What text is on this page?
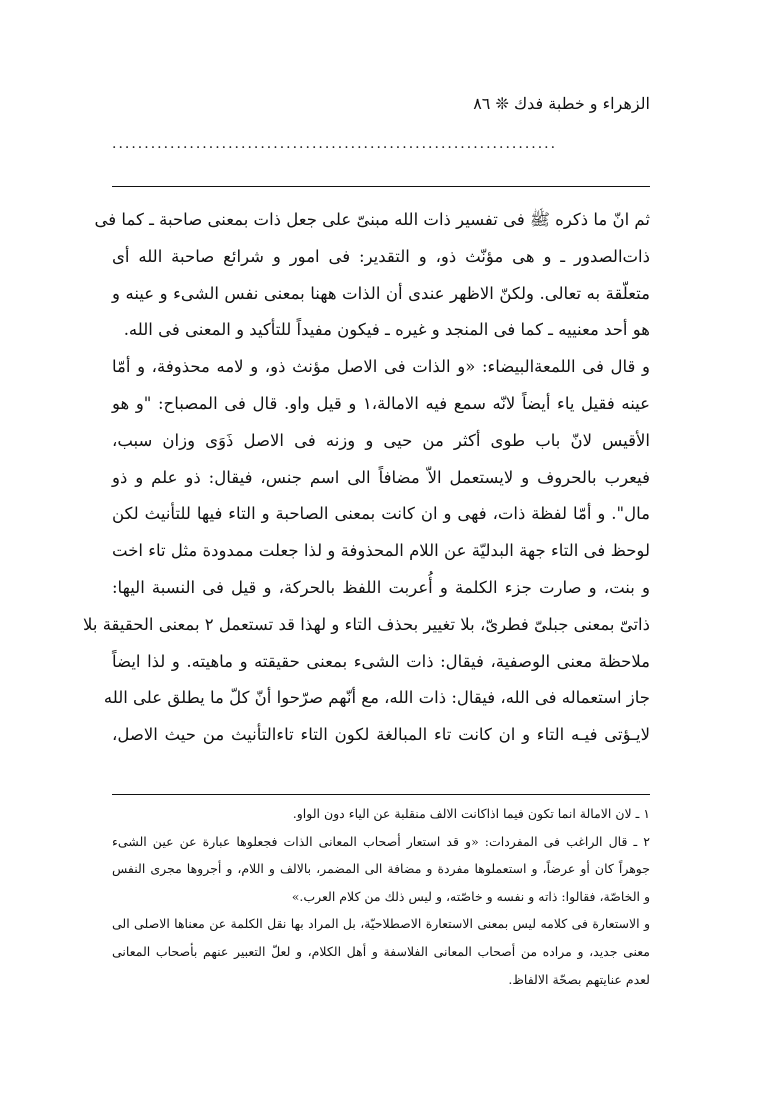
الزهراء و خطبة فدك ❊ ٨٦
·····································································
ثم انّ ما ذكره ﷺ فی تفسیر ذات الله مبنیّ علی جعل ذات بمعنی صاحبة ـ كما فی
ذات‌الصدور ـ و هی مؤنّث ذو، و التقدیر: فی امور و شرائع صاحبة الله أی
متعلّقة به تعالی. ولكنّ الاظهر عندی أن الذات ههنا بمعنی نفس الشیء و عینه و
هو أحد معنییه ـ كما فی المنجد و غیره ـ فیكون مفیداً للتأكید و المعنی فی الله.
و قال فی اللمعةالبیضاء: «و الذات فی الاصل مؤنث ذو، و لامه محذوفة، و أمّا
عینه فقیل یاء أیضاً لانّه سمع فیه الامالة،١ و قیل واو. قال فی المصباح: "و هو
الأقیس لانّ باب طوی أكثر من حیی و وزنه فی الاصل ذَوَی وزان سبب،
فیعرب بالحروف و لایستعمل الاّ مضافاً الی اسم جنس، فیقال: ذو علم و ذو
مال". و أمّا لفظة ذات، فهی و ان كانت بمعنی الصاحبة و التاء فیها للتأنیث لكن
لوحظ فی التاء جهة البدلیّة عن اللام المحذوفة و لذا جعلت ممدودة مثل تاء اخت
و بنت، و صارت جزء الكلمة و أُعربت اللفظ بالحركة، و قیل فی النسبة الیها:
ذاتیّ بمعنی جبلیّ فطریّ، بلا تغییر بحذف التاء و لهذا قد تستعمل ٢ بمعنی الحقیقة بلا
ملاحظة معنی الوصفیة، فیقال: ذات الشیء بمعنی حقیقته و ماهیته. و لذا ایضاً
جاز استعماله فی الله، فیقال: ذات الله، مع أنّهم صرّحوا أنّ كلّ ما یطلق علی الله
لایـؤتی فیـه التاء و ان كانت تاء المبالغة لكون التاء تاءالتأنیث من حیث الاصل،
١ ـ لان الامالة انما تكون فیما اذاكانت الالف منقلبة عن الیاء دون الواو.
٢ ـ قال الراغب فی المفردات: «و قد استعار أصحاب المعانی الذات فجعلوها عبارة عن عین الشیء
جوهراً كان أو عرضاً، و استعملوها مفردة و مضافة الی المضمر، بالالف و اللام، و أجروها مجری النفس
و الخاصّة، فقالوا: ذاته و نفسه و خاصّته، و لیس ذلك من كلام العرب.»
و الاستعارة فی كلامه لیس بمعنی الاستعارة الاصطلاحیّة، بل المراد بها نقل الكلمة عن معناها الاصلی الی
معنی جدید، و مراده من أصحاب المعانی الفلاسفة و أهل الكلام، و لعلّ التعبیر عنهم بأصحاب المعانی
لعدم عنایتهم بصحّة الالفاظ.
